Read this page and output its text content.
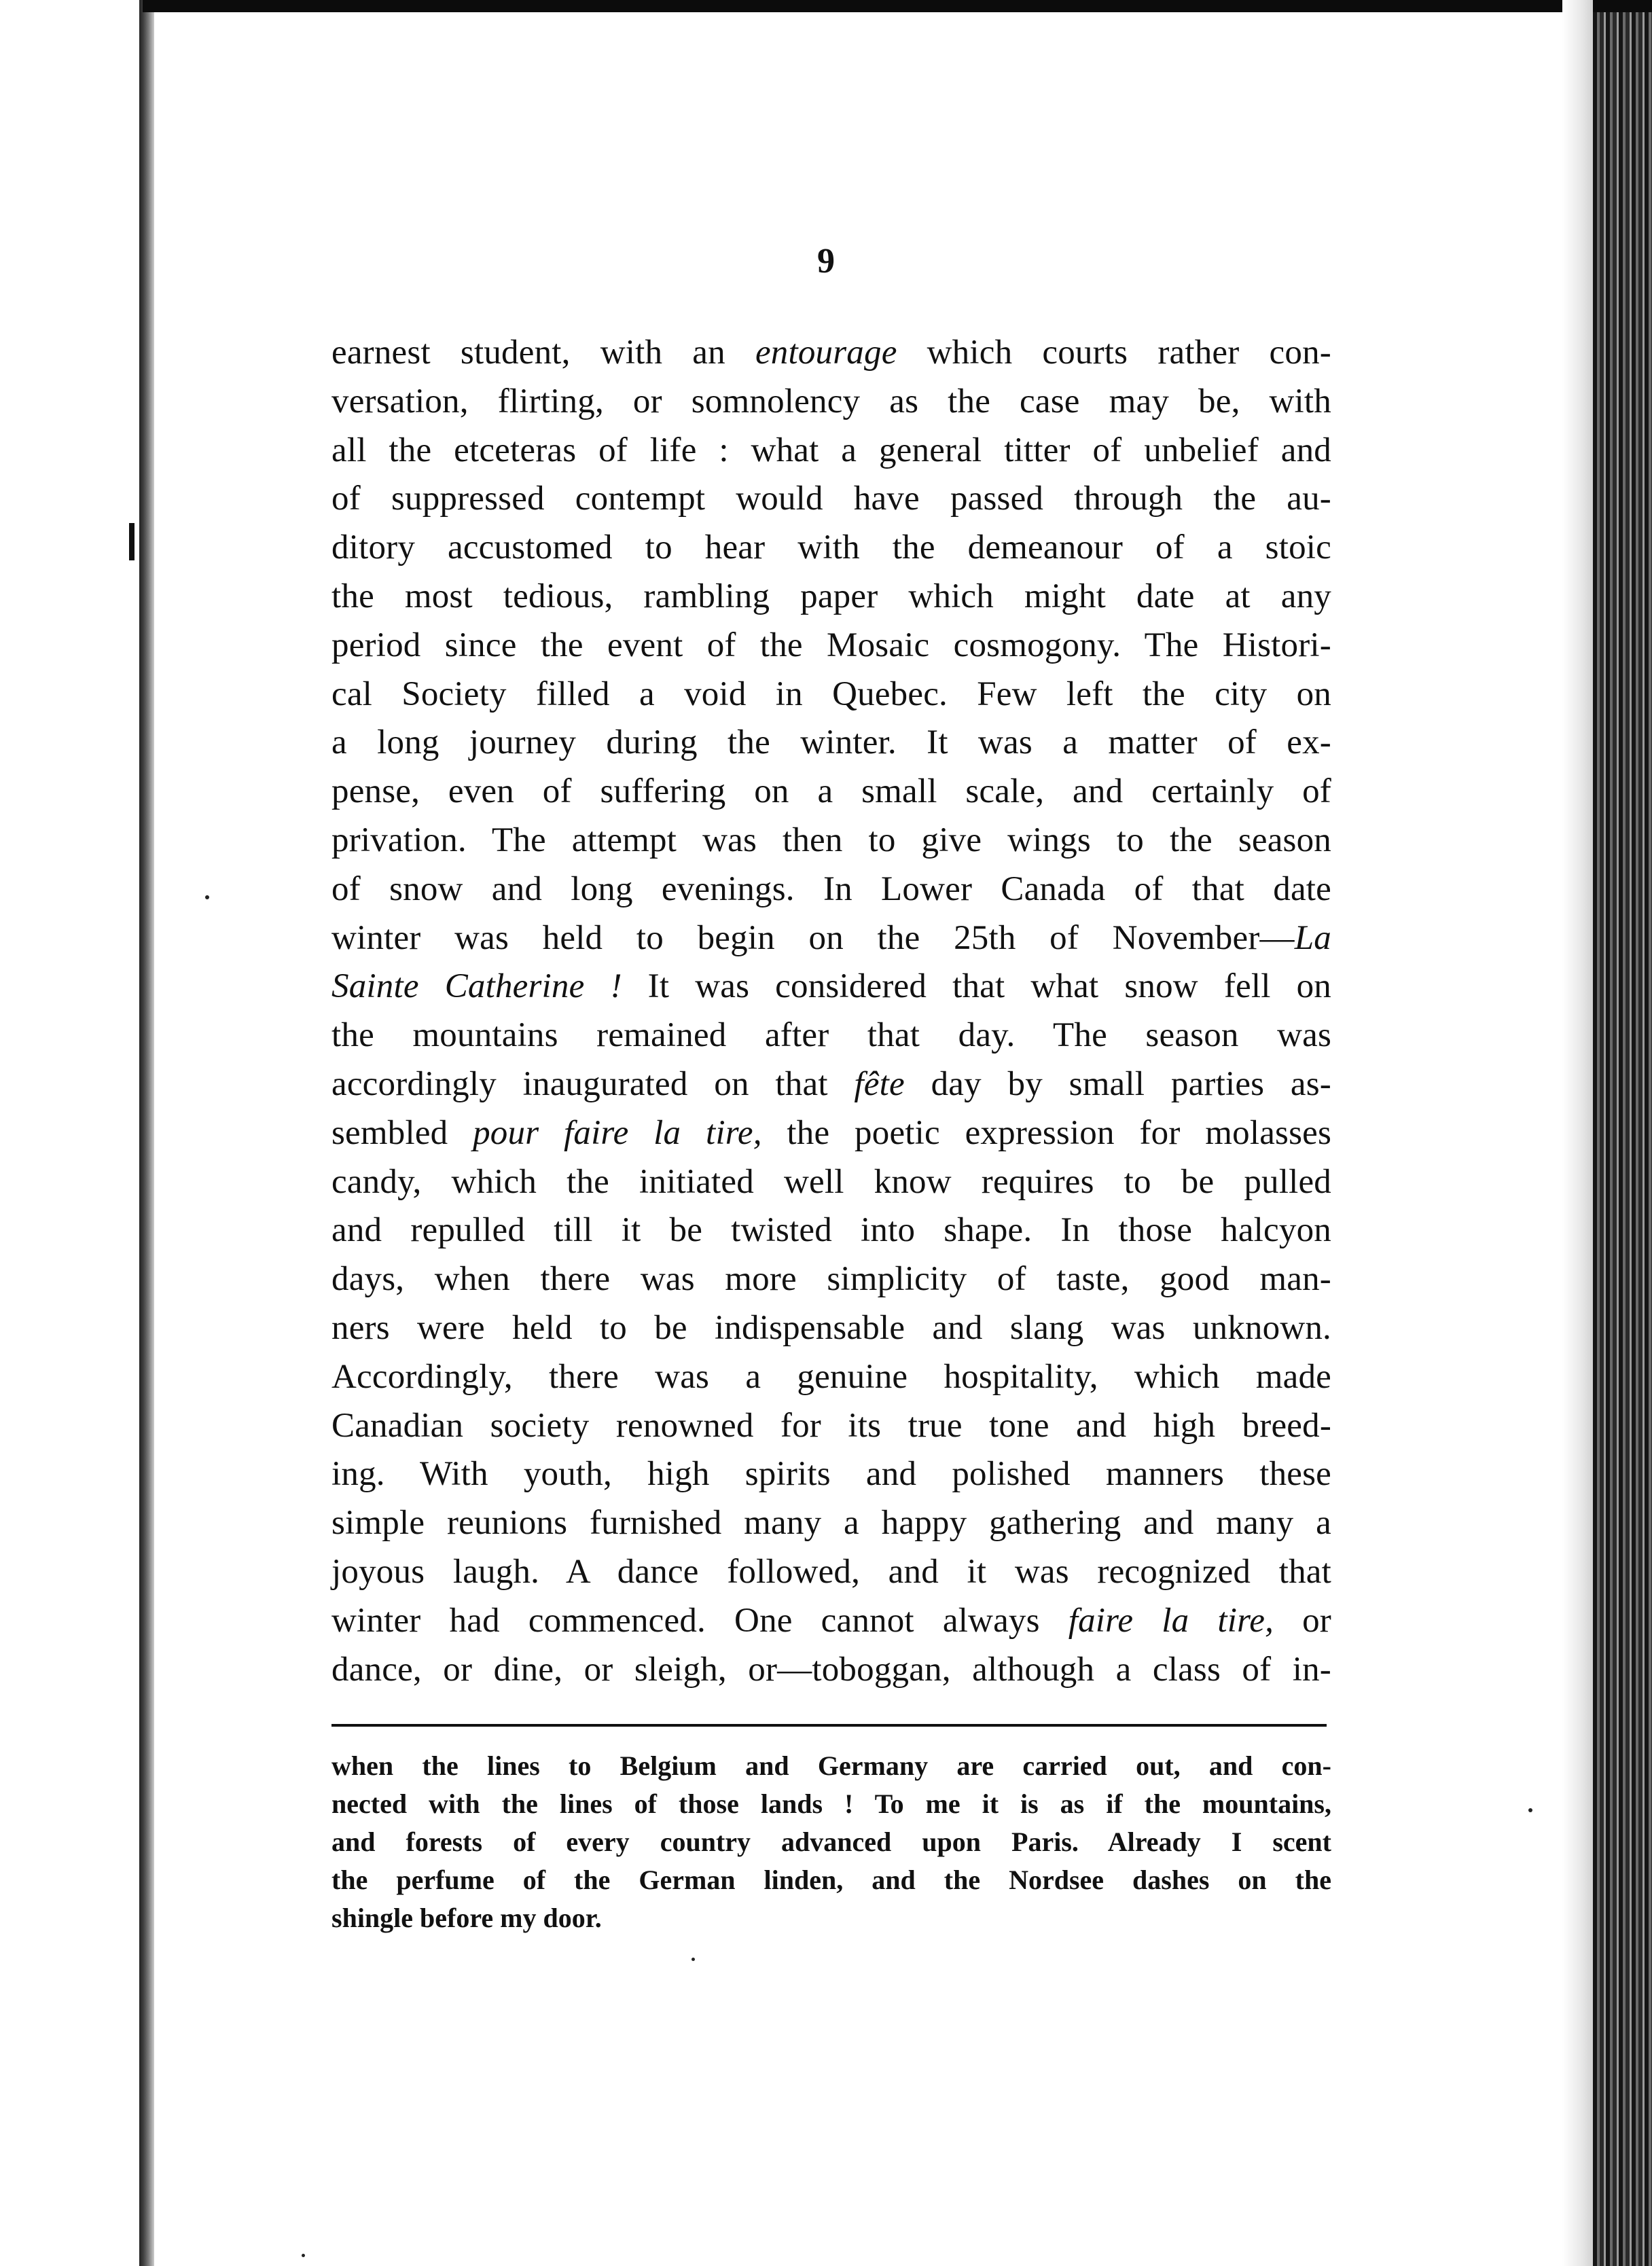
9
earnest student, with an entourage which courts rather con-
versation, flirting, or somnolency as the case may be, with
all the etceteras of life : what a general titter of unbelief and
of suppressed contempt would have passed through the au-
ditory accustomed to hear with the demeanour of a stoic
the most tedious, rambling paper which might date at any
period since the event of the Mosaic cosmogony. The Histori-
cal Society filled a void in Quebec. Few left the city on
a long journey during the winter. It was a matter of ex-
pense, even of suffering on a small scale, and certainly of
privation. The attempt was then to give wings to the season
of snow and long evenings. In Lower Canada of that date
winter was held to begin on the 25th of November—La
Sainte Catherine ! It was considered that what snow fell on
the mountains remained after that day. The season was
accordingly inaugurated on that fête day by small parties as-
sembled pour faire la tire, the poetic expression for molasses
candy, which the initiated well know requires to be pulled
and repulled till it be twisted into shape. In those halcyon
days, when there was more simplicity of taste, good man-
ners were held to be indispensable and slang was unknown.
Accordingly, there was a genuine hospitality, which made
Canadian society renowned for its true tone and high breed-
ing. With youth, high spirits and polished manners these
simple reunions furnished many a happy gathering and many a
joyous laugh. A dance followed, and it was recognized that
winter had commenced. One cannot always faire la tire, or
dance, or dine, or sleigh, or—toboggan, although a class of in-
when the lines to Belgium and Germany are carried out, and con-
nected with the lines of those lands ! To me it is as if the mountains,
and forests of every country advanced upon Paris. Already I scent
the perfume of the German linden, and the Nordsee dashes on the
shingle before my door.
